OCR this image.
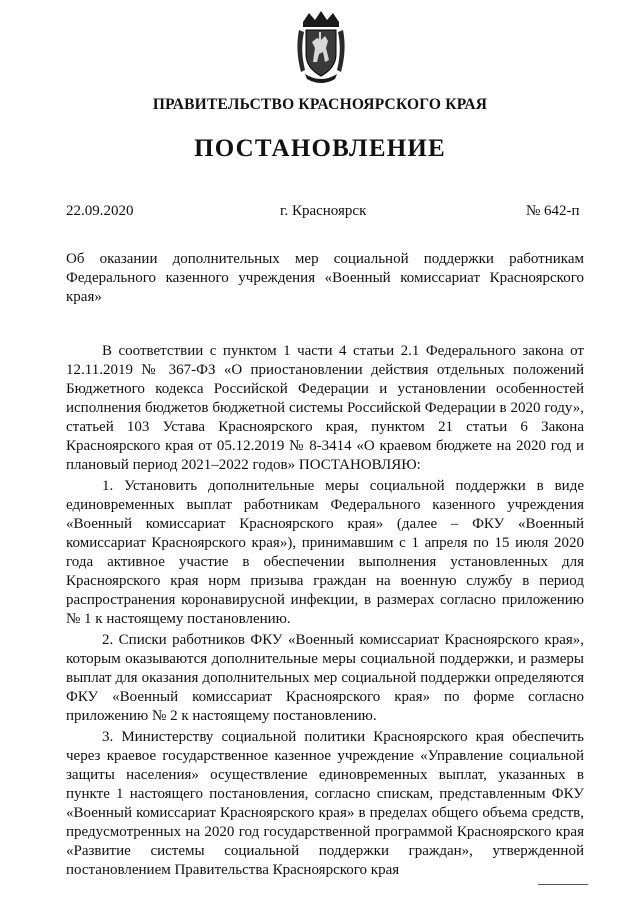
ПРАВИТЕЛЬСТВО КРАСНОЯРСКОГО КРАЯ
ПОСТАНОВЛЕНИЕ
22.09.2020	г. Красноярск	№ 642-п
Об оказании дополнительных мер социальной поддержки работникам Федерального казенного учреждения «Военный комиссариат Красноярского края»

В соответствии с пунктом 1 части 4 статьи 2.1 Федерального закона от 12.11.2019 № 367-ФЗ «О приостановлении действия отдельных положений Бюджетного кодекса Российской Федерации и установлении особенностей исполнения бюджетов бюджетной системы Российской Федерации в 2020 году», статьей 103 Устава Красноярского края, пунктом 21 статьи 6 Закона Красноярского края от 05.12.2019 № 8-3414 «О краевом бюджете на 2020 год и плановый период 2021–2022 годов» ПОСТАНОВЛЯЮ:

1. Установить дополнительные меры социальной поддержки в виде единовременных выплат работникам Федерального казенного учреждения «Военный комиссариат Красноярского края» (далее – ФКУ «Военный комиссариат Красноярского края»), принимавшим с 1 апреля по 15 июля 2020 года активное участие в обеспечении выполнения установленных для Красноярского края норм призыва граждан на военную службу в период распространения коронавирусной инфекции, в размерах согласно приложению № 1 к настоящему постановлению.

2. Списки работников ФКУ «Военный комиссариат Красноярского края», которым оказываются дополнительные меры социальной поддержки, и размеры выплат для оказания дополнительных мер социальной поддержки определяются ФКУ «Военный комиссариат Красноярского края» по форме согласно приложению № 2 к настоящему постановлению.

3. Министерству социальной политики Красноярского края обеспечить через краевое государственное казенное учреждение «Управление социальной защиты населения» осуществление единовременных выплат, указанных в пункте 1 настоящего постановления, согласно спискам, представленным ФКУ «Военный комиссариат Красноярского края» в пределах общего объема средств, предусмотренных на 2020 год государственной программой Красноярского края «Развитие системы социальной поддержки граждан», утвержденной постановлением Правительства Красноярского края
